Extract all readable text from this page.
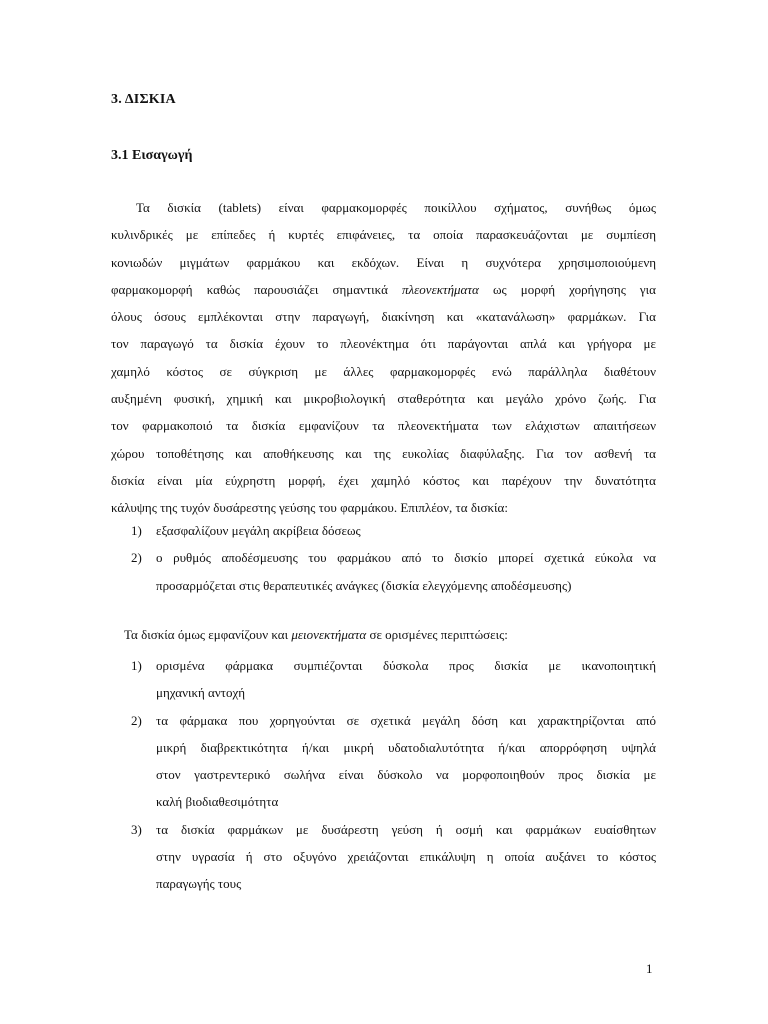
3. ΔΙΣΚΙΑ
3.1 Εισαγωγή
Τα δισκία (tablets) είναι φαρμακομορφές ποικίλλου σχήματος, συνήθως όμως
κυλινδρικές με επίπεδες ή κυρτές επιφάνειες, τα οποία παρασκευάζονται με συμπίεση
κονιωδών μιγμάτων φαρμάκου και εκδόχων. Είναι η συχνότερα χρησιμοποιούμενη
φαρμακομορφή καθώς παρουσιάζει σημαντικά πλεονεκτήματα ως μορφή χορήγησης για
όλους όσους εμπλέκονται στην παραγωγή, διακίνηση και «κατανάλωση» φαρμάκων. Για
τον παραγωγό τα δισκία έχουν το πλεονέκτημα ότι παράγονται απλά και γρήγορα με
χαμηλό κόστος σε σύγκριση με άλλες φαρμακομορφές ενώ παράλληλα διαθέτουν
αυξημένη φυσική, χημική και μικροβιολογική σταθερότητα και μεγάλο χρόνο ζωής. Για
τον φαρμακοποιό τα δισκία εμφανίζουν τα πλεονεκτήματα των ελάχιστων απαιτήσεων
χώρου τοποθέτησης και αποθήκευσης και της ευκολίας διαφύλαξης. Για τον ασθενή τα
δισκία είναι μία εύχρηστη μορφή, έχει χαμηλό κόστος και παρέχουν την δυνατότητα
κάλυψης της τυχόν δυσάρεστης γεύσης του φαρμάκου. Επιπλέον, τα δισκία:
1) εξασφαλίζουν μεγάλη ακρίβεια δόσεως
2) ο ρυθμός αποδέσμευσης του φαρμάκου από το δισκίο μπορεί σχετικά εύκολα να
προσαρμόζεται στις θεραπευτικές ανάγκες (δισκία ελεγχόμενης αποδέσμευσης)

Τα δισκία όμως εμφανίζουν και μειονεκτήματα σε ορισμένες περιπτώσεις:

1) ορισμένα φάρμακα συμπιέζονται δύσκολα προς δισκία με ικανοποιητική
μηχανική αντοχή
2) τα φάρμακα που χορηγούνται σε σχετικά μεγάλη δόση και χαρακτηρίζονται από
μικρή διαβρεκτικότητα ή/και μικρή υδατοδιαλυτότητα ή/και απορρόφηση υψηλά
στον γαστρεντερικό σωλήνα είναι δύσκολο να μορφοποιηθούν προς δισκία με
καλή βιοδιαθεσιμότητα
3) τα δισκία φαρμάκων με δυσάρεστη γεύση ή οσμή και φαρμάκων ευαίσθητων
στην υγρασία ή στο οξυγόνο χρειάζονται επικάλυψη η οποία αυξάνει το κόστος
παραγωγής τους
1
